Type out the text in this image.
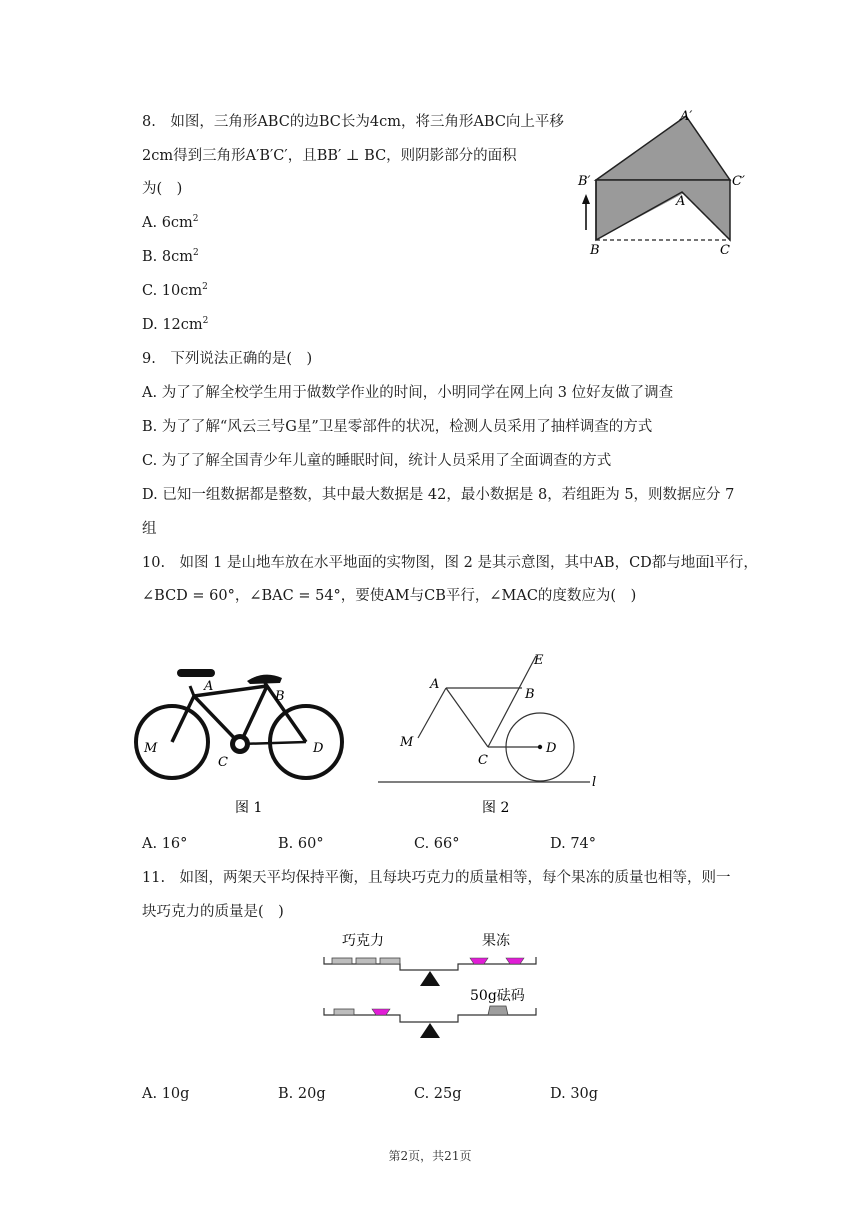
8.　如图，三角形ABC的边BC长为4cm，将三角形ABC向上平移
2cm得到三角形A′B′C′，且BB′ ⊥ BC，则阴影部分的面积
为(　)
A. $6cm^2$
B. $8cm^2$
C. $10cm^2$
D. $12cm^2$
A′
B′	C′
A
B	C
9.　下列说法正确的是(　)
A. 为了了解全校学生用于做数学作业的时间，小明同学在网上向 3 位好友做了调查
B. 为了了解“风云三号G星”卫星零部件的状况，检测人员采用了抽样调查的方式
C. 为了了解全国青少年儿童的睡眠时间，统计人员采用了全面调查的方式
D. 已知一组数据都是整数，其中最大数据是 42，最小数据是 8，若组距为 5，则数据应分 7
组
10.　如图 1 是山地车放在水平地面的实物图，图 2 是其示意图，其中AB，CD都与地面l平行，
∠BCD = 60°，∠BAC = 54°，要使AM与CB平行，∠MAC的度数应为(　)
A
B
C
D
M
图 1
A
B
C
D
E
M
l
图 2
A. 16°	B. 60°	C. 66°	D. 74°
11.　如图，两架天平均保持平衡，且每块巧克力的质量相等，每个果冻的质量也相等，则一
块巧克力的质量是(　)
巧克力	果冻
50g砝码
A. 10g	B. 20g	C. 25g	D. 30g
第2页，共21页
